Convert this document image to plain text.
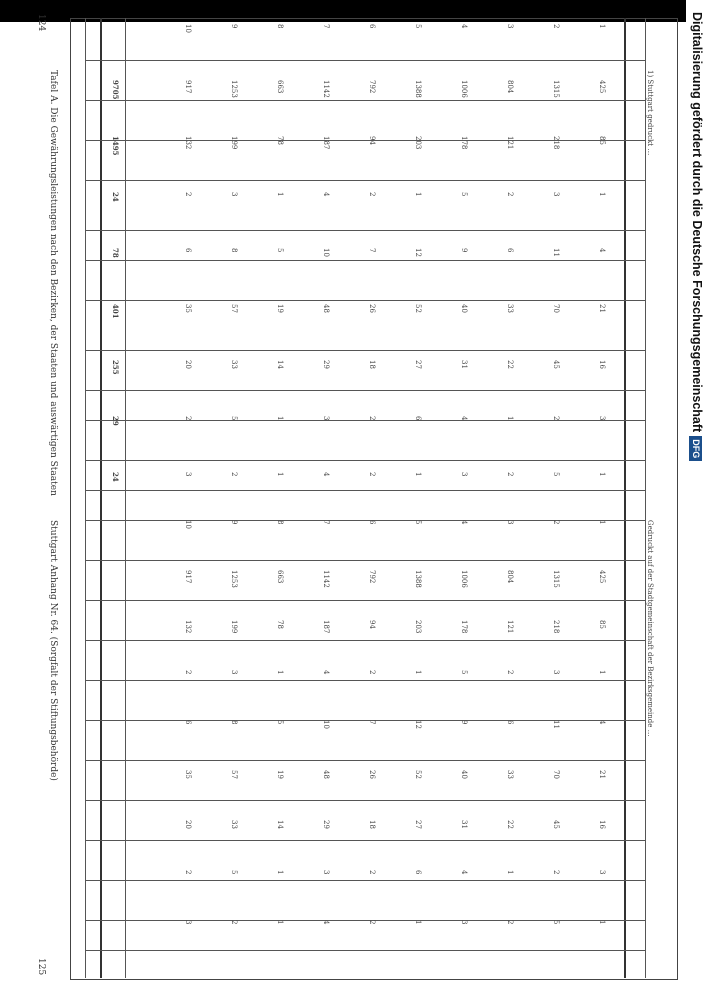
124
125
Tafel A. Die Gewährungsleistungen nach den Bezirken, der Staaten und auswärtigen Staaten
Stuttgart Anhang Nr. 64. (Sorgfalt der Stiftungsbehörde)
1) Stuttgart gedruckt …
Gedruckt auf der Stadtgemeinschaft der Bezirksgemeinde …
1
425
85
1
4
21
16
3
1
1
425
85
1
4
21
16
3
1
2
1315
218
3
11
70
45
2
5
2
1315
218
3
11
70
45
2
5
3
804
121
2
6
33
22
1
2
3
804
121
2
6
33
22
1
2
4
1006
178
5
9
40
31
4
3
4
1006
178
5
9
40
31
4
3
5
1388
203
1
12
52
27
6
1
5
1388
203
1
12
52
27
6
1
6
792
94
2
7
26
18
2
2
6
792
94
2
7
26
18
2
2
7
1142
187
4
10
48
29
3
4
7
1142
187
4
10
48
29
3
4
8
663
78
1
5
19
14
1
1
8
663
78
1
5
19
14
1
1
9
1253
199
3
8
57
33
5
2
9
1253
199
3
8
57
33
5
2
10
917
132
2
6
35
20
2
3
10
917
132
2
6
35
20
2
3
9705
1495
24
78
401
255
29
24
Digitalisierung gefördert durch die Deutsche ForschungsgemeinschaftDFG
